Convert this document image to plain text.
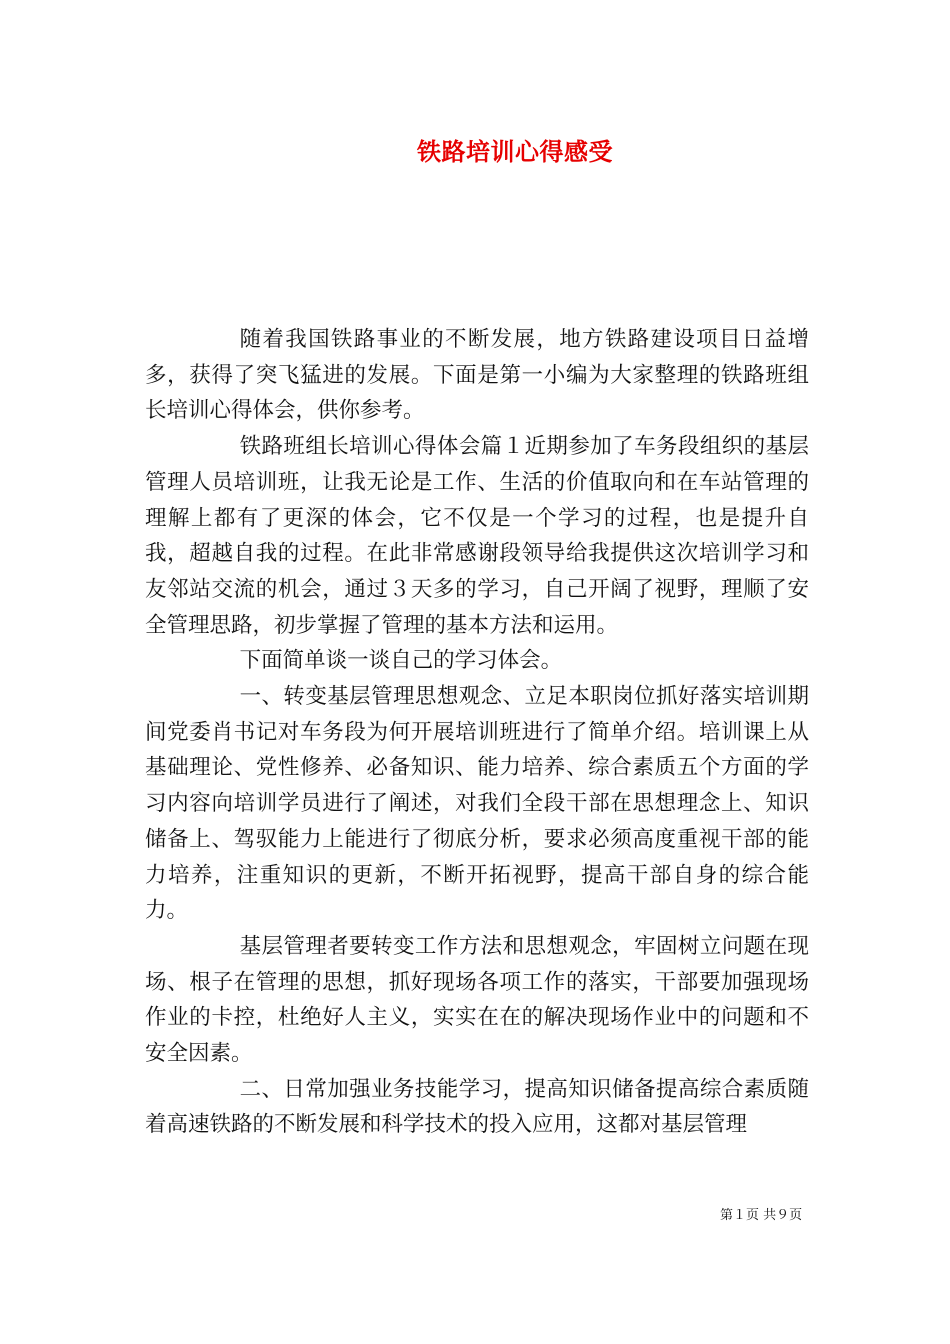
铁路培训心得感受

随着我国铁路事业的不断发展，地方铁路建设项目日益增多，获得了突飞猛进的发展。下面是第一小编为大家整理的铁路班组长培训心得体会，供你参考。

铁路班组长培训心得体会篇１近期参加了车务段组织的基层管理人员培训班，让我无论是工作、生活的价值取向和在车站管理的理解上都有了更深的体会，它不仅是一个学习的过程，也是提升自我，超越自我的过程。在此非常感谢段领导给我提供这次培训学习和友邻站交流的机会，通过３天多的学习，自己开阔了视野，理顺了安全管理思路，初步掌握了管理的基本方法和运用。

下面简单谈一谈自己的学习体会。

一、转变基层管理思想观念、立足本职岗位抓好落实培训期间党委肖书记对车务段为何开展培训班进行了简单介绍。培训课上从基础理论、党性修养、必备知识、能力培养、综合素质五个方面的学习内容向培训学员进行了阐述，对我们全段干部在思想理念上、知识储备上、驾驭能力上能进行了彻底分析，要求必须高度重视干部的能力培养，注重知识的更新，不断开拓视野，提高干部自身的综合能力。

基层管理者要转变工作方法和思想观念，牢固树立问题在现场、根子在管理的思想，抓好现场各项工作的落实，干部要加强现场作业的卡控，杜绝好人主义，实实在在的解决现场作业中的问题和不安全因素。

二、日常加强业务技能学习，提高知识储备提高综合素质随着高速铁路的不断发展和科学技术的投入应用，这都对基层管理

第１页 共９页
